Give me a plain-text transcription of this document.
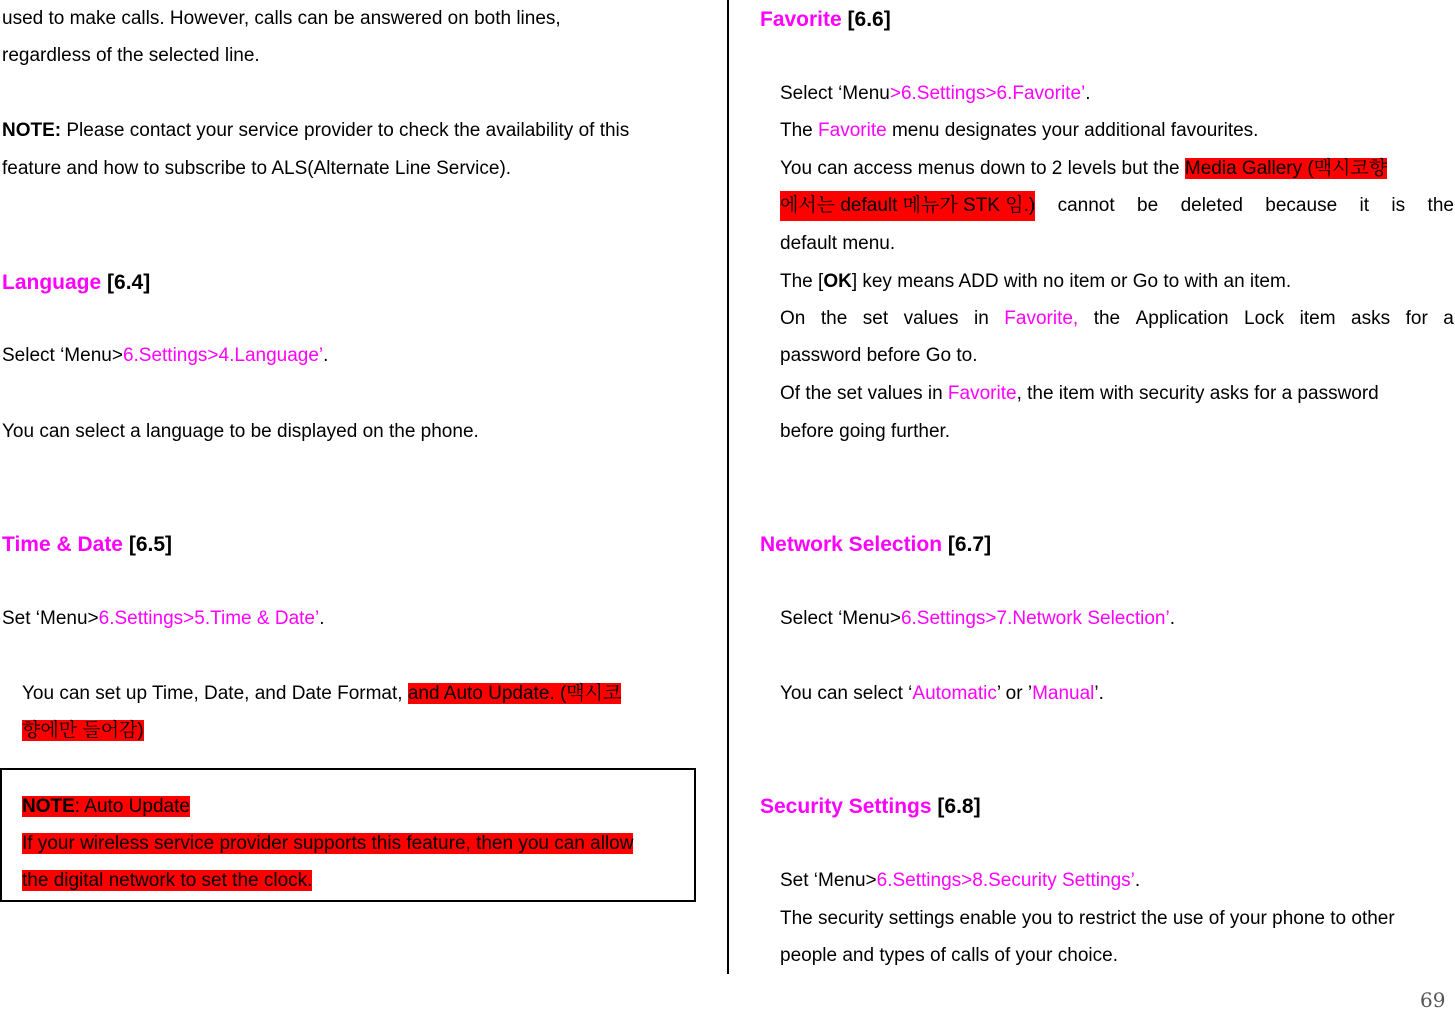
used to make calls. However, calls can be answered on both lines,
regardless of the selected line.
NOTE: Please contact your service provider to check the availability of this
feature and how to subscribe to ALS(Alternate Line Service).
Language [6.4]
Select ‘Menu>6.Settings>4.Language’.
You can select a language to be displayed on the phone.
Time & Date [6.5]
Set ‘Menu>6.Settings>5.Time & Date’.
You can set up Time, Date, and Date Format, and Auto Update. (맥시코
향에만 들어감)
NOTE: Auto Update
If your wireless service provider supports this feature, then you can allow
the digital network to set the clock.
Favorite [6.6]
Select ‘Menu>6.Settings>6.Favorite’.
The Favorite menu designates your additional favourites.
You can access menus down to 2 levels but the Media Gallery (맥시코향
에서는 default 메뉴가 STK 임.) cannot be deleted because it is the
default menu.
The [OK] key means ADD with no item or Go to with an item.
On the set values in Favorite, the Application Lock item asks for a
password before Go to.
Of the set values in Favorite, the item with security asks for a password
before going further.
Network Selection [6.7]
Select ‘Menu>6.Settings>7.Network Selection’.
You can select ‘Automatic’ or ’Manual’.
Security Settings [6.8]
Set ‘Menu>6.Settings>8.Security Settings’.
The security settings enable you to restrict the use of your phone to other
people and types of calls of your choice.
69
